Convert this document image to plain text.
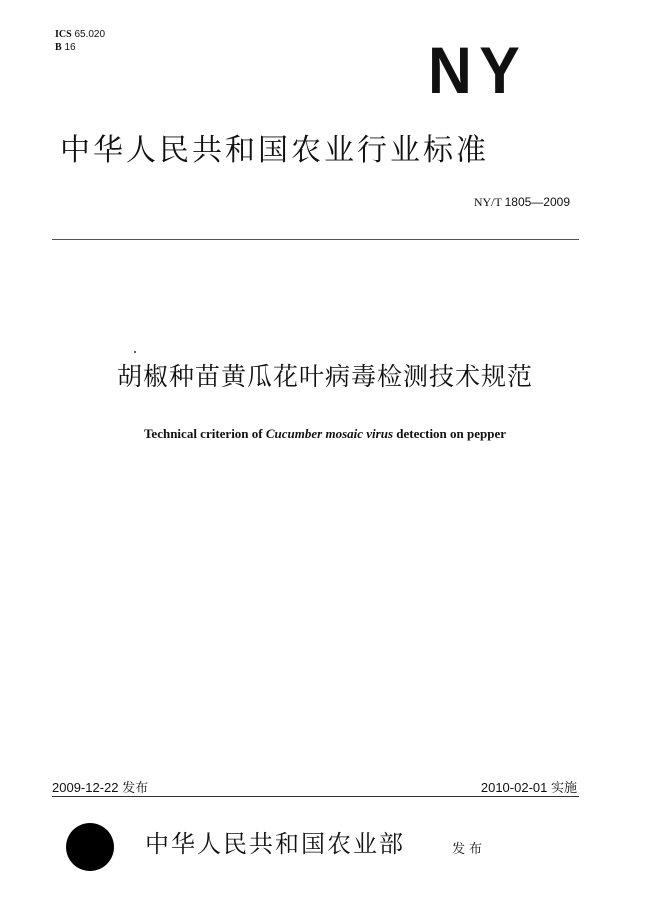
ICS 65.020
B 16	NY
中华人民共和国农业行业标准
NY/T 1805—2009
胡椒种苗黄瓜花叶病毒检测技术规范
Technical criterion of Cucumber mosaic virus detection on pepper
2009-12-22 发布	2010-02-01 实施
中华人民共和国农业部	发布
